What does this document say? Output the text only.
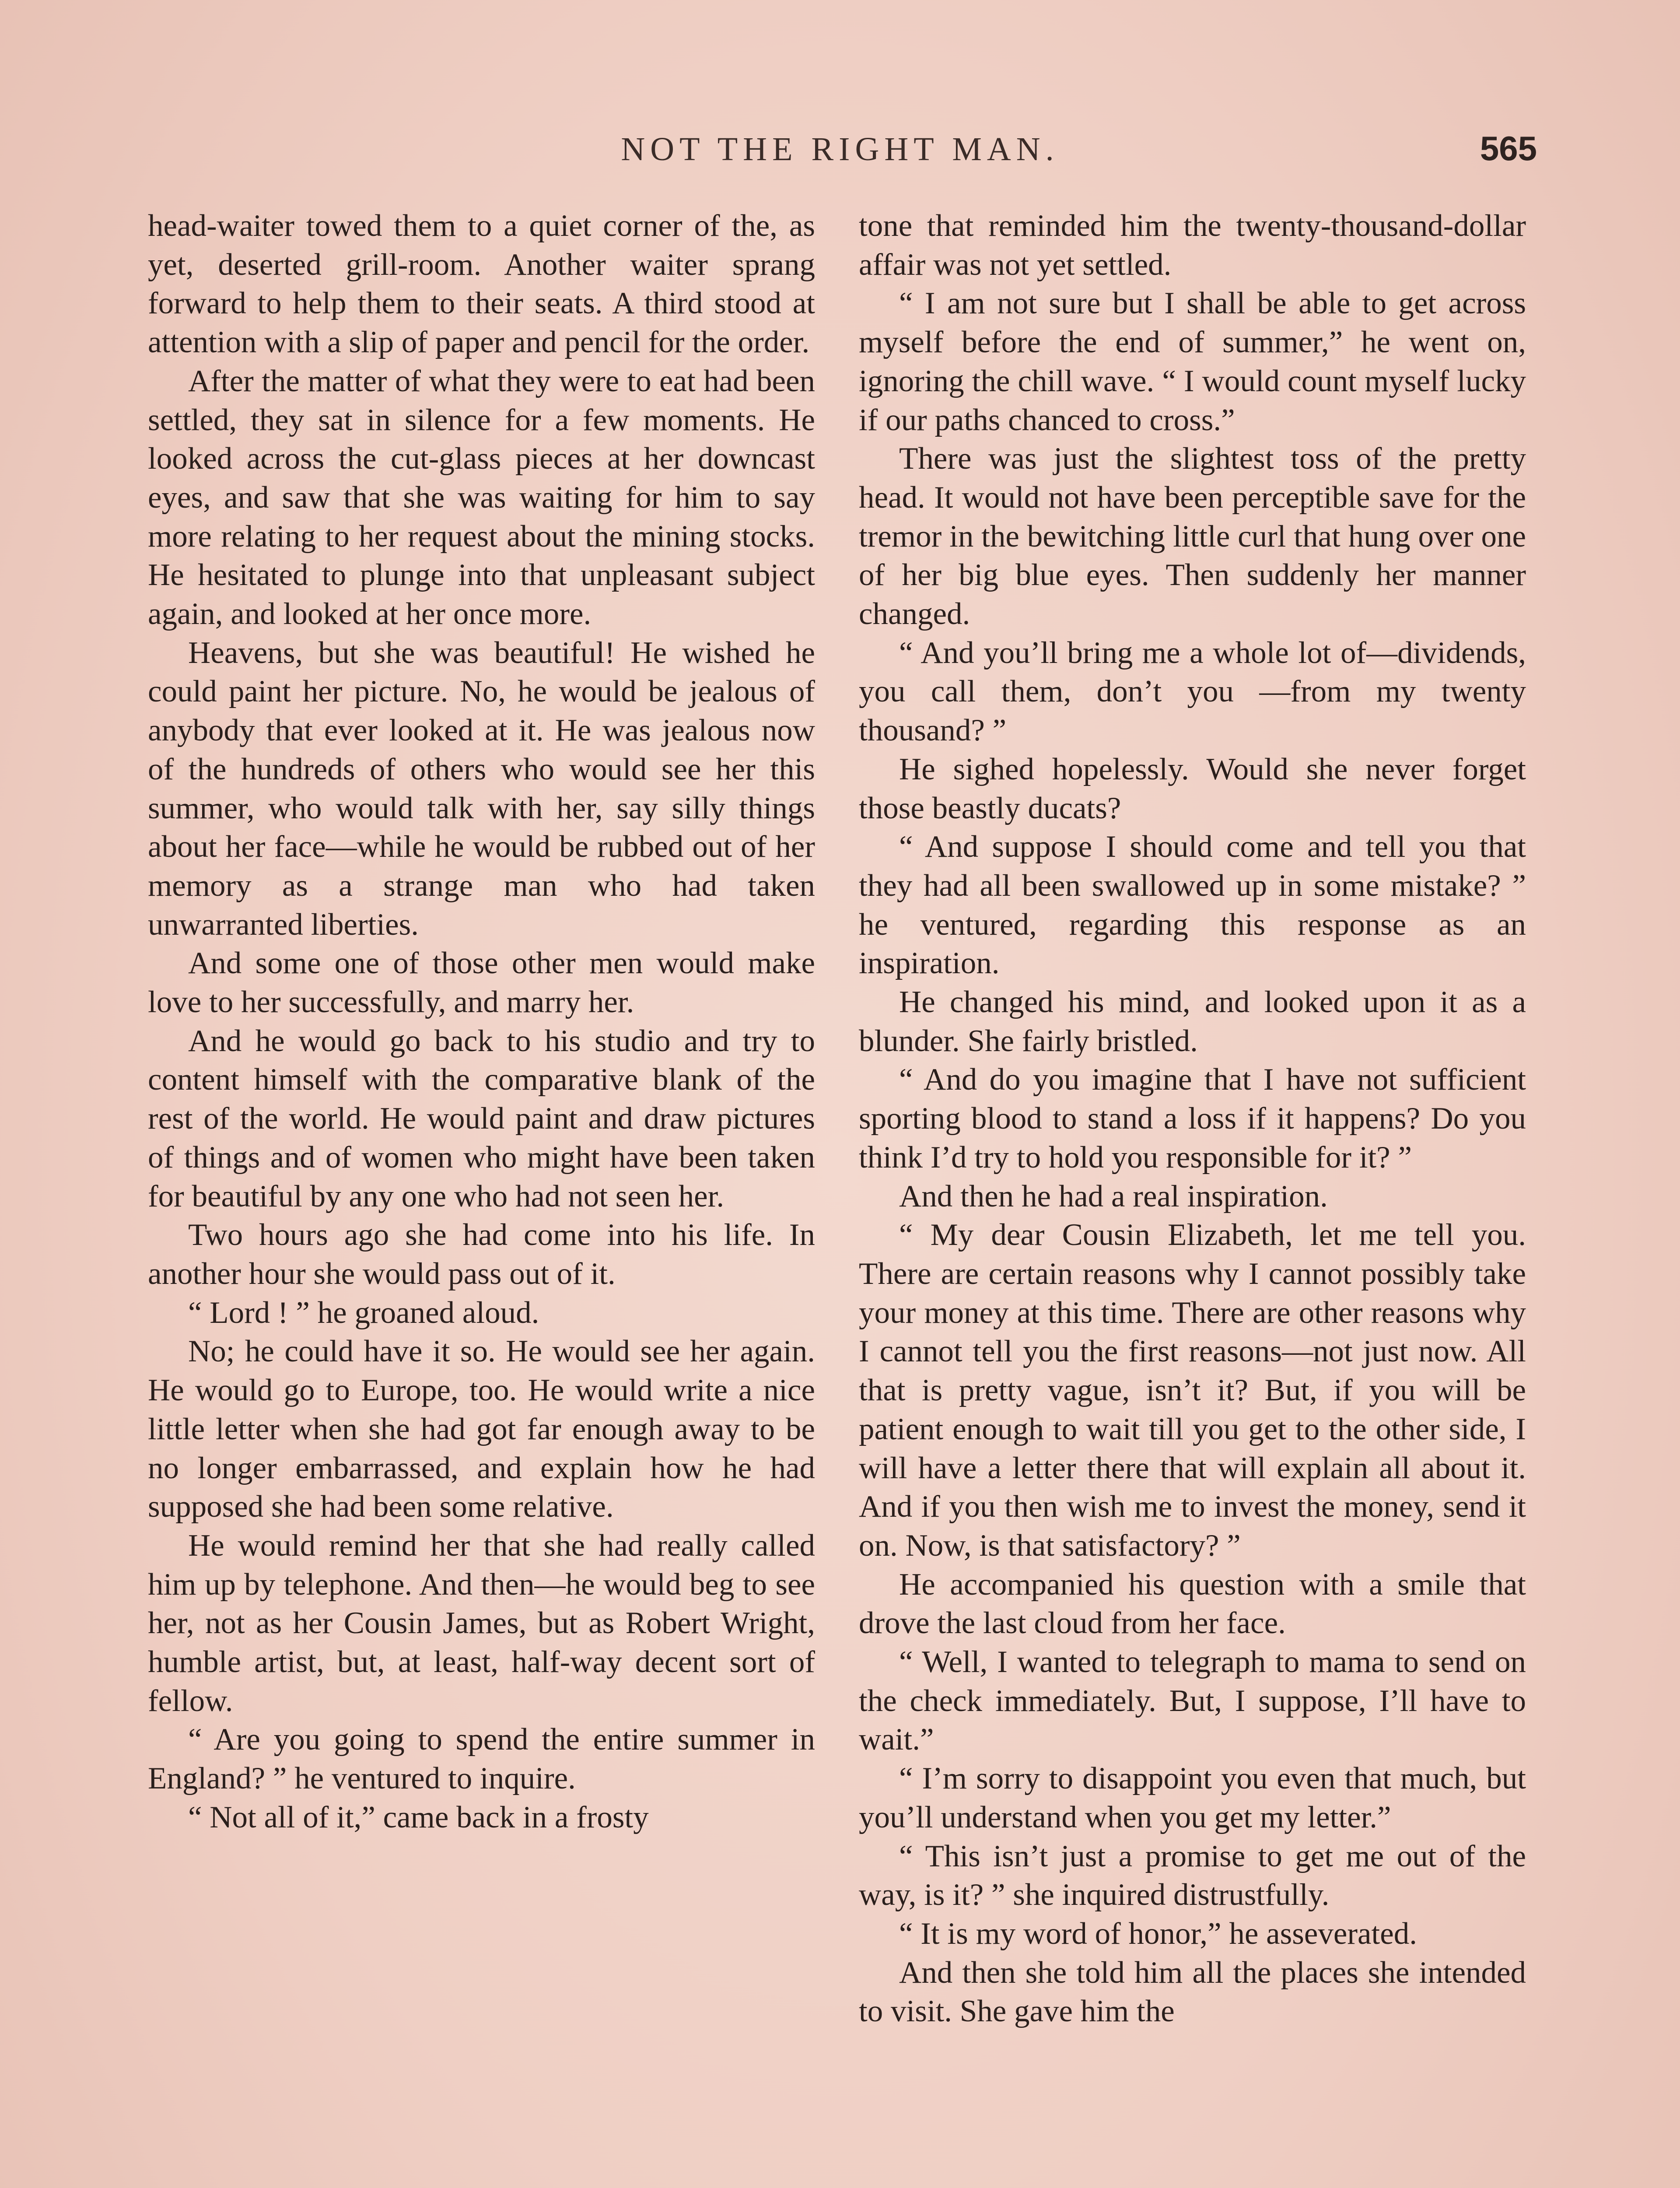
NOT THE RIGHT MAN.	565

head-waiter towed them to a quiet corner of the, as yet, deserted grill-room. Another waiter sprang forward to help them to their seats. A third stood at attention with a slip of paper and pencil for the order.

After the matter of what they were to eat had been settled, they sat in silence for a few moments. He looked across the cut-glass pieces at her downcast eyes, and saw that she was waiting for him to say more relating to her request about the mining stocks. He hesitated to plunge into that unpleasant subject again, and looked at her once more.

Heavens, but she was beautiful! He wished he could paint her picture. No, he would be jealous of anybody that ever looked at it. He was jealous now of the hundreds of others who would see her this summer, who would talk with her, say silly things about her face—while he would be rubbed out of her memory as a strange man who had taken unwarranted liberties.

And some one of those other men would make love to her successfully, and marry her.

And he would go back to his studio and try to content himself with the comparative blank of the rest of the world. He would paint and draw pictures of things and of women who might have been taken for beautiful by any one who had not seen her.

Two hours ago she had come into his life. In another hour she would pass out of it.

“ Lord ! ” he groaned aloud.

No; he could have it so. He would see her again. He would go to Europe, too. He would write a nice little letter when she had got far enough away to be no longer embarrassed, and explain how he had supposed she had been some relative.

He would remind her that she had really called him up by telephone. And then—he would beg to see her, not as her Cousin James, but as Robert Wright, humble artist, but, at least, half-way decent sort of fellow.

“ Are you going to spend the entire summer in England? ” he ventured to inquire.

“ Not all of it,” came back in a frosty

tone that reminded him the twenty-thousand-dollar affair was not yet settled.

“ I am not sure but I shall be able to get across myself before the end of summer,” he went on, ignoring the chill wave. “ I would count myself lucky if our paths chanced to cross.”

There was just the slightest toss of the pretty head. It would not have been perceptible save for the tremor in the bewitching little curl that hung over one of her big blue eyes. Then suddenly her manner changed.

“ And you’ll bring me a whole lot of—dividends, you call them, don’t you —from my twenty thousand? ”

He sighed hopelessly. Would she never forget those beastly ducats?

“ And suppose I should come and tell you that they had all been swallowed up in some mistake? ” he ventured, regarding this response as an inspiration.

He changed his mind, and looked upon it as a blunder. She fairly bristled.

“ And do you imagine that I have not sufficient sporting blood to stand a loss if it happens? Do you think I’d try to hold you responsible for it? ”

And then he had a real inspiration.

“ My dear Cousin Elizabeth, let me tell you. There are certain reasons why I cannot possibly take your money at this time. There are other reasons why I cannot tell you the first reasons—not just now. All that is pretty vague, isn’t it? But, if you will be patient enough to wait till you get to the other side, I will have a letter there that will explain all about it. And if you then wish me to invest the money, send it on. Now, is that satisfactory? ”

He accompanied his question with a smile that drove the last cloud from her face.

“ Well, I wanted to telegraph to mama to send on the check immediately. But, I suppose, I’ll have to wait.”

“ I’m sorry to disappoint you even that much, but you’ll understand when you get my letter.”

“ This isn’t just a promise to get me out of the way, is it? ” she inquired distrustfully.

“ It is my word of honor,” he asseverated.

And then she told him all the places she intended to visit. She gave him the
